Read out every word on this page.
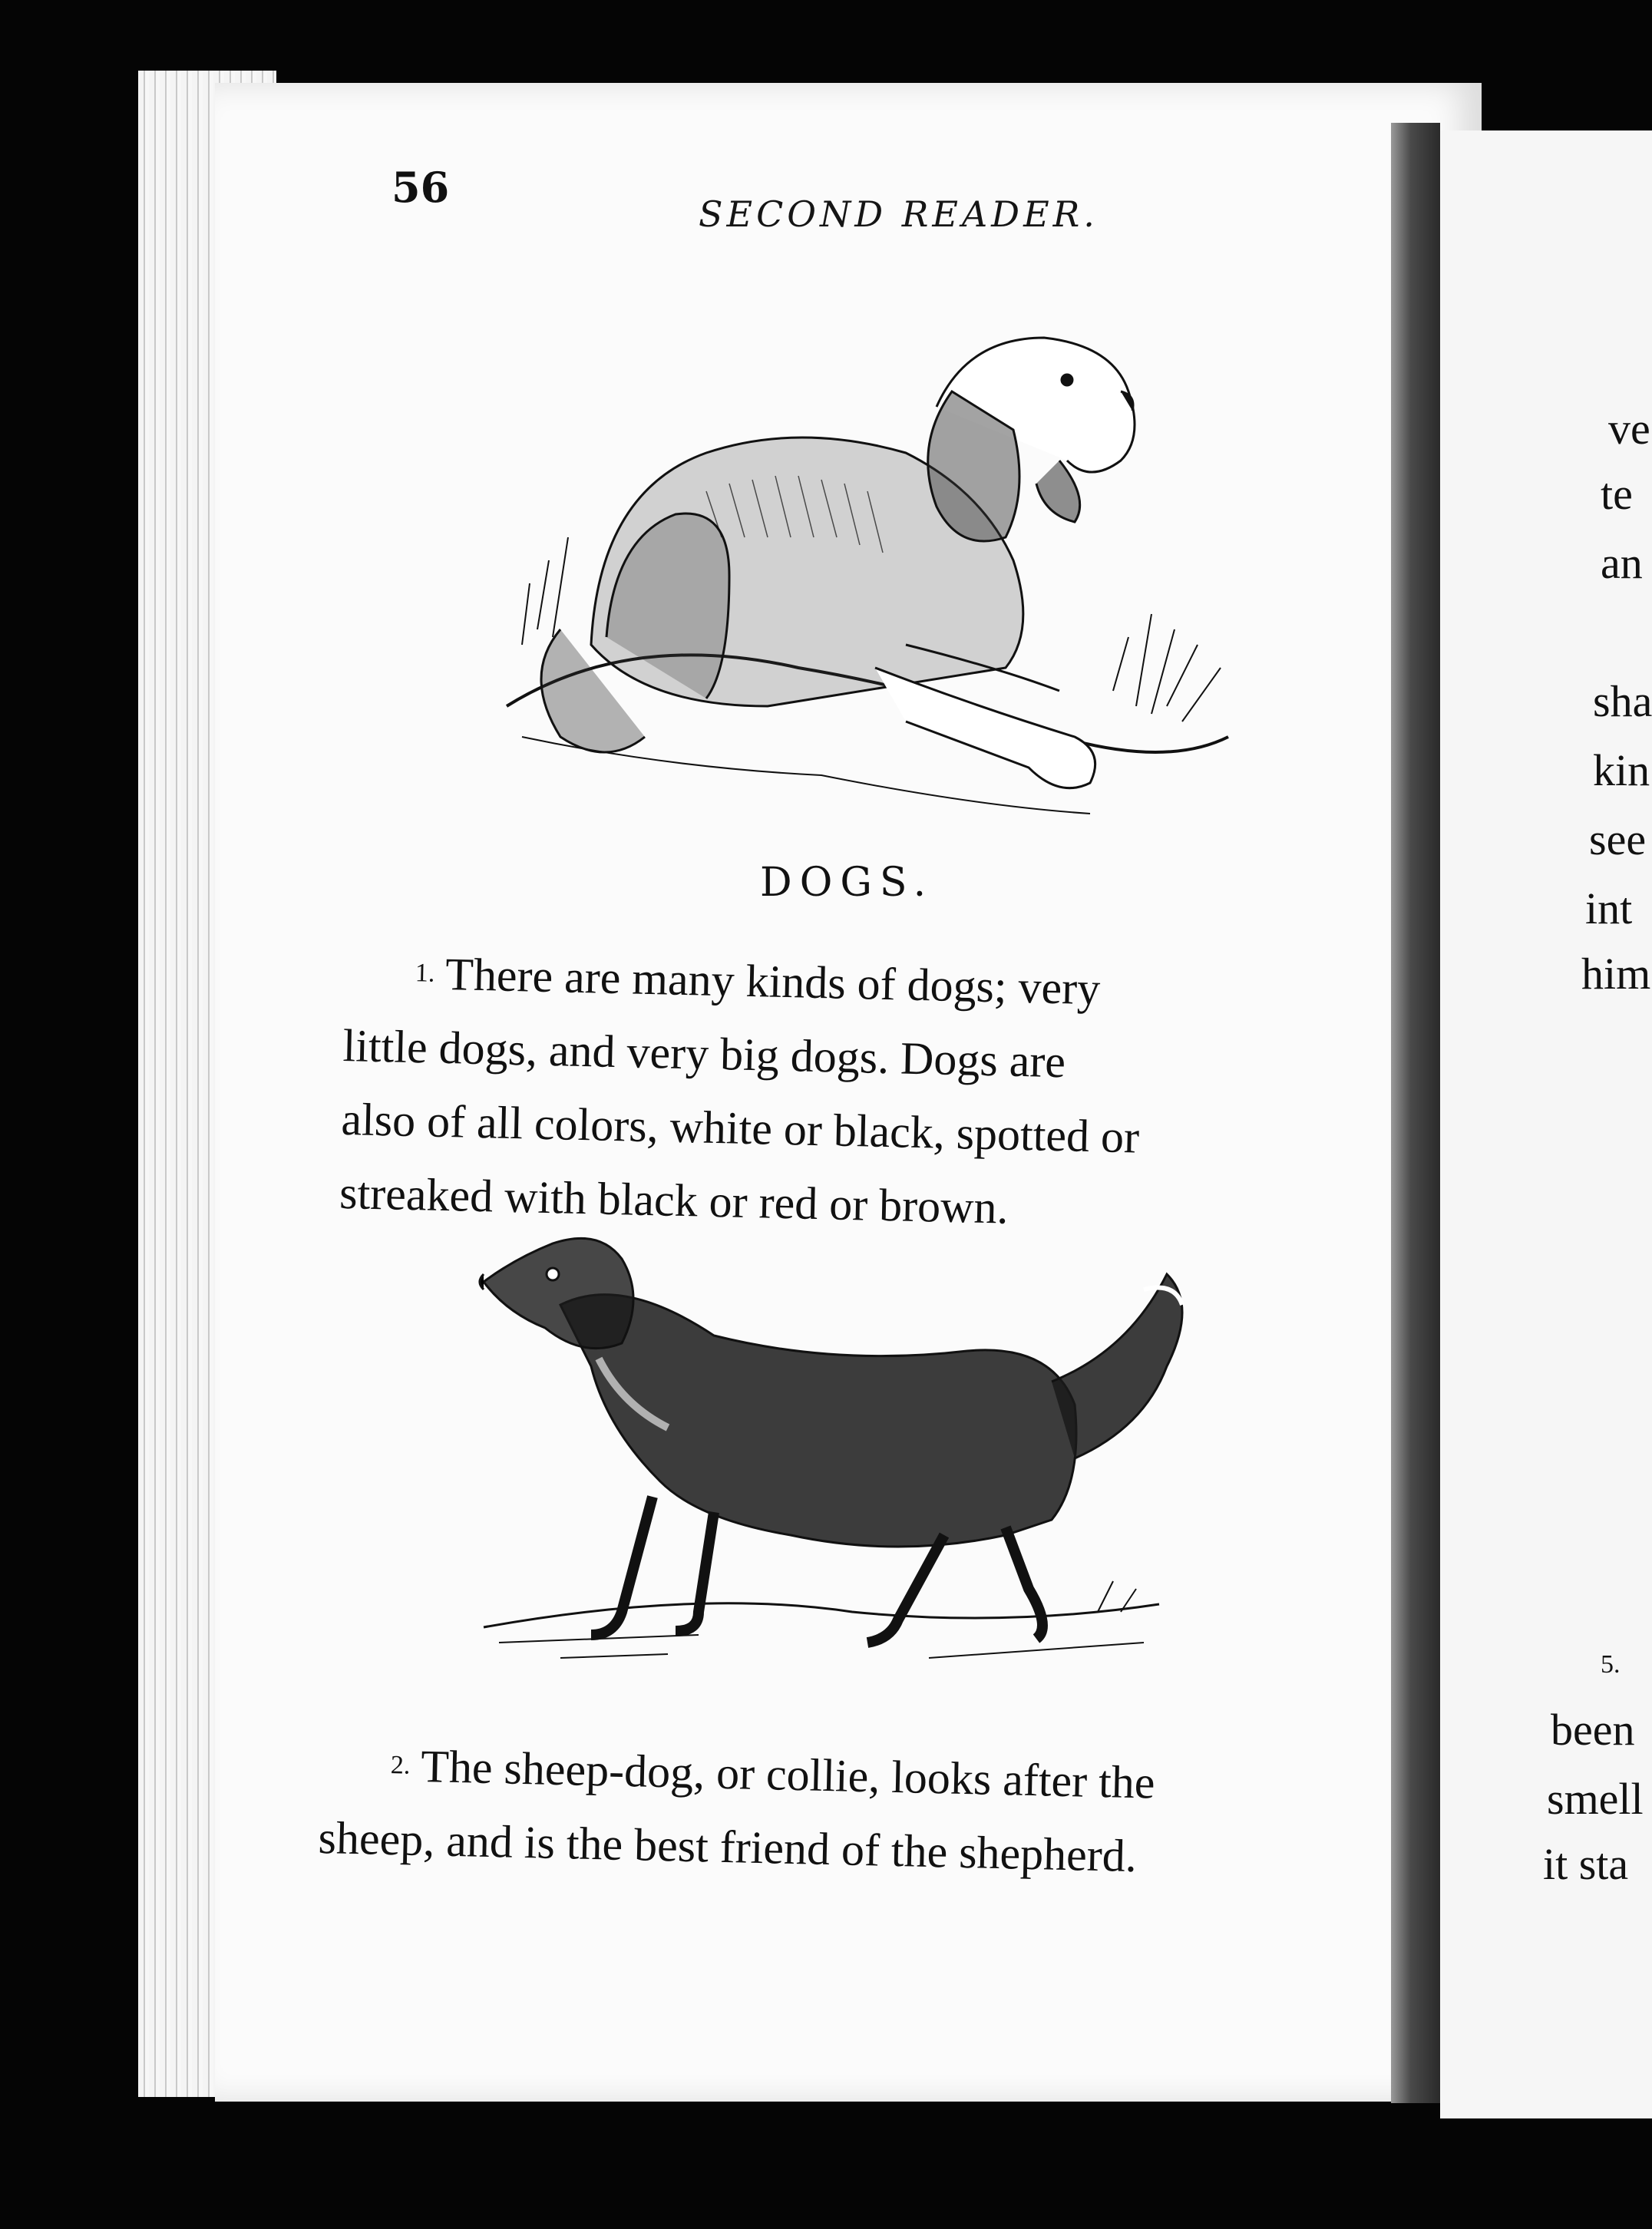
56
SECOND READER.
DOGS.
1. There are many kinds of dogs; very
little dogs, and very big dogs. Dogs are
also of all colors, white or black, spotted or
streaked with black or red or brown.
2. The sheep-dog, or collie, looks after the
sheep, and is the best friend of the shepherd.
ve
te
an
sha
kin
see
int
him
5.
been
smell
it sta
